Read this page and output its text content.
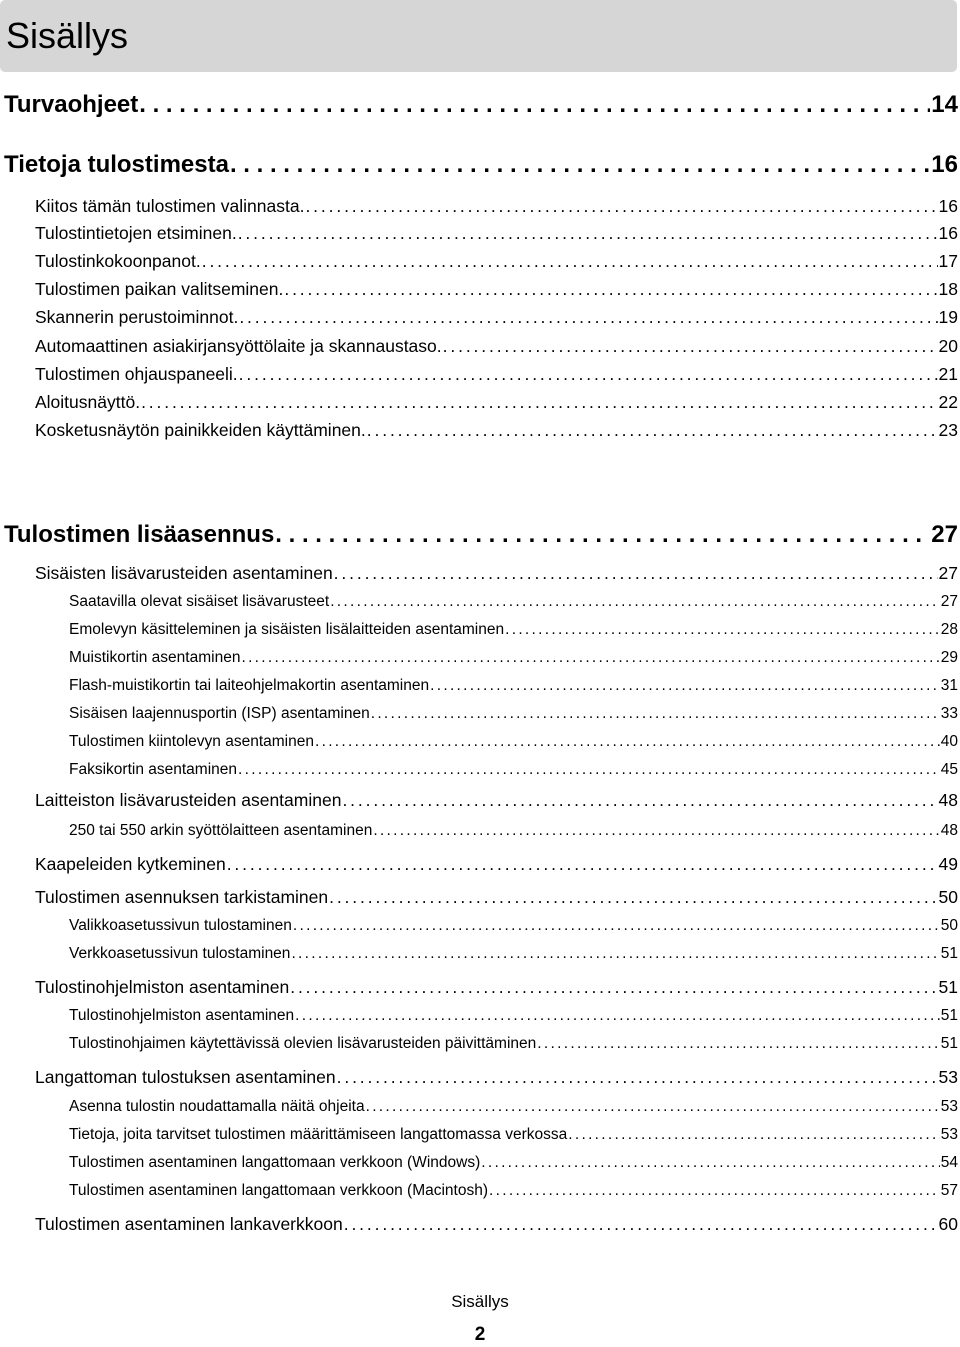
Sisällys
Turvaohjeet . . .	14
Tietoja tulostimesta . . .	16
Kiitos tämän tulostimen valinnasta. . . .	16
Tulostintietojen etsiminen. . . .	16
Tulostinkokoonpanot. . . .	17
Tulostimen paikan valitseminen. . . .	18
Skannerin perustoiminnot. . . .	19
Automaattinen asiakirjansyöttölaite ja skannaustaso. . . .	20
Tulostimen ohjauspaneeli. . . .	21
Aloitusnäyttö. . . .	22
Kosketusnäytön painikkeiden käyttäminen. . . .	23
Tulostimen lisäasennus . . .	27
Sisäisten lisävarusteiden asentaminen . . .	27
Saatavilla olevat sisäiset lisävarusteet . . .	27
Emolevyn käsitteleminen ja sisäisten lisälaitteiden asentaminen . . .	28
Muistikortin asentaminen . . .	29
Flash-muistikortin tai laiteohjelmakortin asentaminen . . .	31
Sisäisen laajennusportin (ISP) asentaminen . . .	33
Tulostimen kiintolevyn asentaminen . . .	40
Faksikortin asentaminen . . .	45
Laitteiston lisävarusteiden asentaminen . . .	48
250 tai 550 arkin syöttölaitteen asentaminen . . .	48
Kaapeleiden kytkeminen . . .	49
Tulostimen asennuksen tarkistaminen . . .	50
Valikkoasetussivun tulostaminen . . .	50
Verkkoasetussivun tulostaminen . . .	51
Tulostinohjelmiston asentaminen . . .	51
Tulostinohjelmiston asentaminen . . .	51
Tulostinohjaimen käytettävissä olevien lisävarusteiden päivittäminen . . .	51
Langattoman tulostuksen asentaminen . . .	53
Asenna tulostin noudattamalla näitä ohjeita . . .	53
Tietoja, joita tarvitset tulostimen määrittämiseen langattomassa verkossa . . .	53
Tulostimen asentaminen langattomaan verkkoon (Windows) . . .	54
Tulostimen asentaminen langattomaan verkkoon (Macintosh) . . .	57
Tulostimen asentaminen lankaverkkoon . . .	60
Sisällys
2
